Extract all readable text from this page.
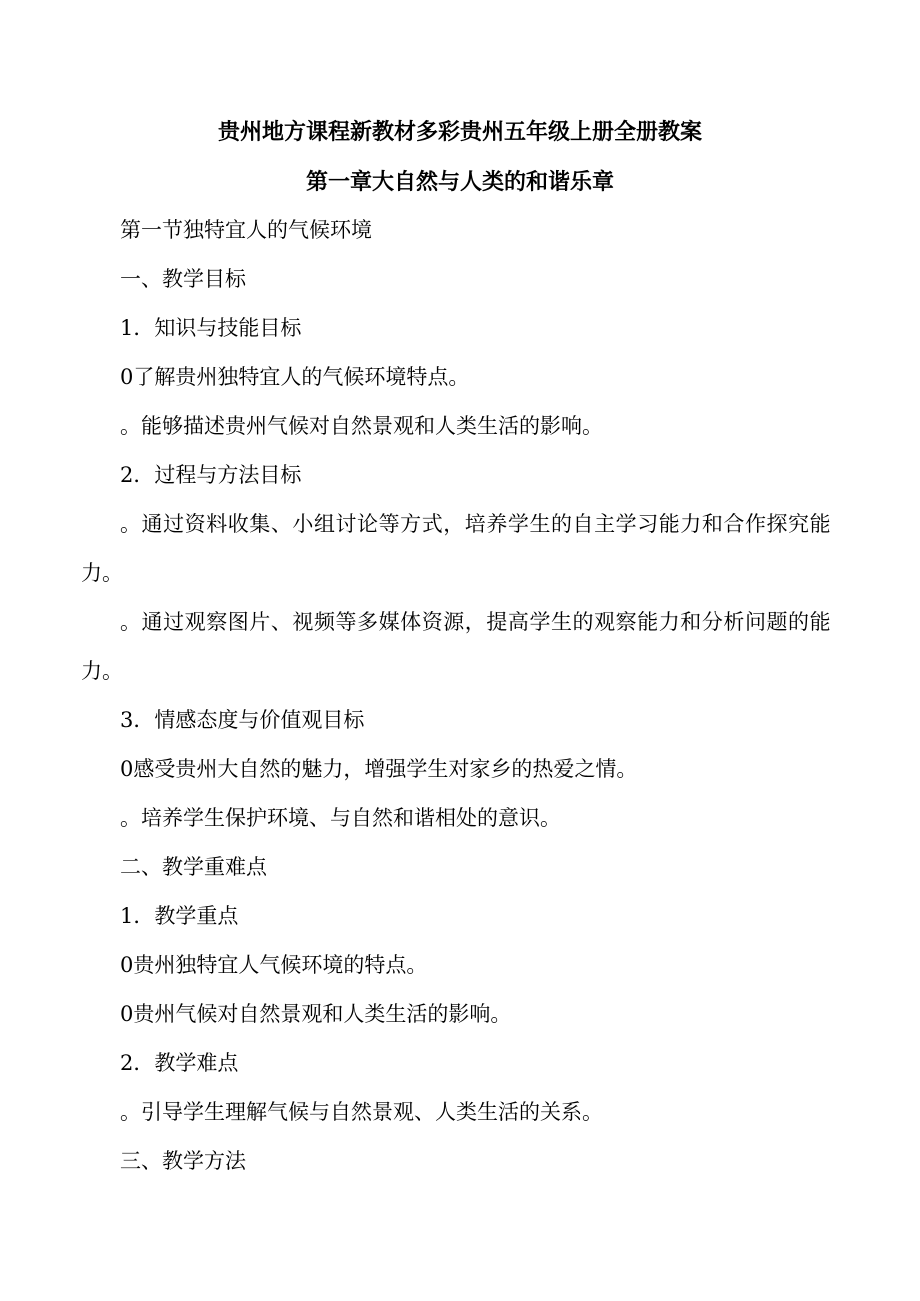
贵州地方课程新教材多彩贵州五年级上册全册教案
第一章大自然与人类的和谐乐章
第一节独特宜人的气候环境
一、教学目标
1．知识与技能目标
0了解贵州独特宜人的气候环境特点。
。能够描述贵州气候对自然景观和人类生活的影响。
2．过程与方法目标
。通过资料收集、小组讨论等方式，培养学生的自主学习能力和合作探究能
力。
。通过观察图片、视频等多媒体资源，提高学生的观察能力和分析问题的能
力。
3．情感态度与价值观目标
0感受贵州大自然的魅力，增强学生对家乡的热爱之情。
。培养学生保护环境、与自然和谐相处的意识。
二、教学重难点
1．教学重点
0贵州独特宜人气候环境的特点。
0贵州气候对自然景观和人类生活的影响。
2．教学难点
。引导学生理解气候与自然景观、人类生活的关系。
三、教学方法
